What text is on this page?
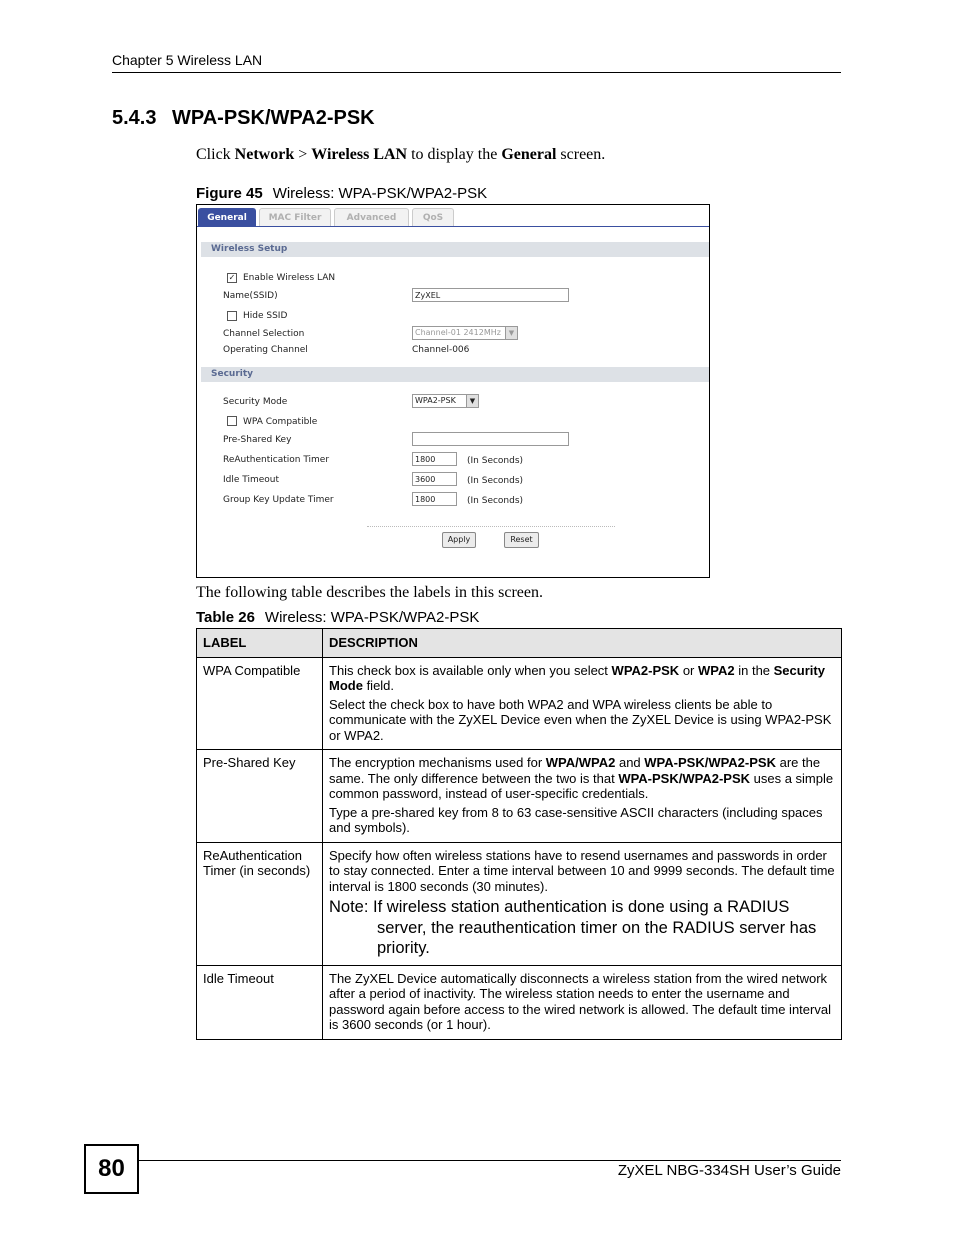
Chapter 5 Wireless LAN
5.4.3 WPA-PSK/WPA2-PSK
Click Network > Wireless LAN to display the General screen.
Figure 45 Wireless: WPA-PSK/WPA2-PSK
General	MAC Filter	Advanced	QoS
Wireless Setup
✓ Enable Wireless LAN
Name(SSID)	ZyXEL
Hide SSID
Channel Selection	Channel-01 2412MHz	▼
Operating Channel	Channel-006
Security
Security Mode	WPA2-PSK	▼
WPA Compatible
Pre-Shared Key
ReAuthentication Timer	1800	(In Seconds)
Idle Timeout	3600	(In Seconds)
Group Key Update Timer	1800	(In Seconds)
Apply	Reset
The following table describes the labels in this screen.
Table 26 Wireless: WPA-PSK/WPA2-PSK
LABEL	DESCRIPTION
WPA Compatible	This check box is available only when you select WPA2-PSK or WPA2 in the Security Mode field.

Select the check box to have both WPA2 and WPA wireless clients be able to communicate with the ZyXEL Device even when the ZyXEL Device is using WPA2-PSK or WPA2.

Pre-Shared Key	The encryption mechanisms used for WPA/WPA2 and WPA-PSK/WPA2-PSK are the same. The only difference between the two is that WPA-PSK/WPA2-PSK uses a simple common password, instead of user-specific credentials.

Type a pre-shared key from 8 to 63 case-sensitive ASCII characters (including spaces and symbols).

ReAuthentication Timer (in seconds)	Specify how often wireless stations have to resend usernames and passwords in order to stay connected. Enter a time interval between 10 and 9999 seconds. The default time interval is 1800 seconds (30 minutes).

Note: If wireless station authentication is done using a RADIUS server, the reauthentication timer on the RADIUS server has priority.

Idle Timeout	The ZyXEL Device automatically disconnects a wireless station from the wired network after a period of inactivity. The wireless station needs to enter the username and password again before access to the wired network is allowed. The default time interval is 3600 seconds (or 1 hour).

80	ZyXEL NBG-334SH User’s Guide
